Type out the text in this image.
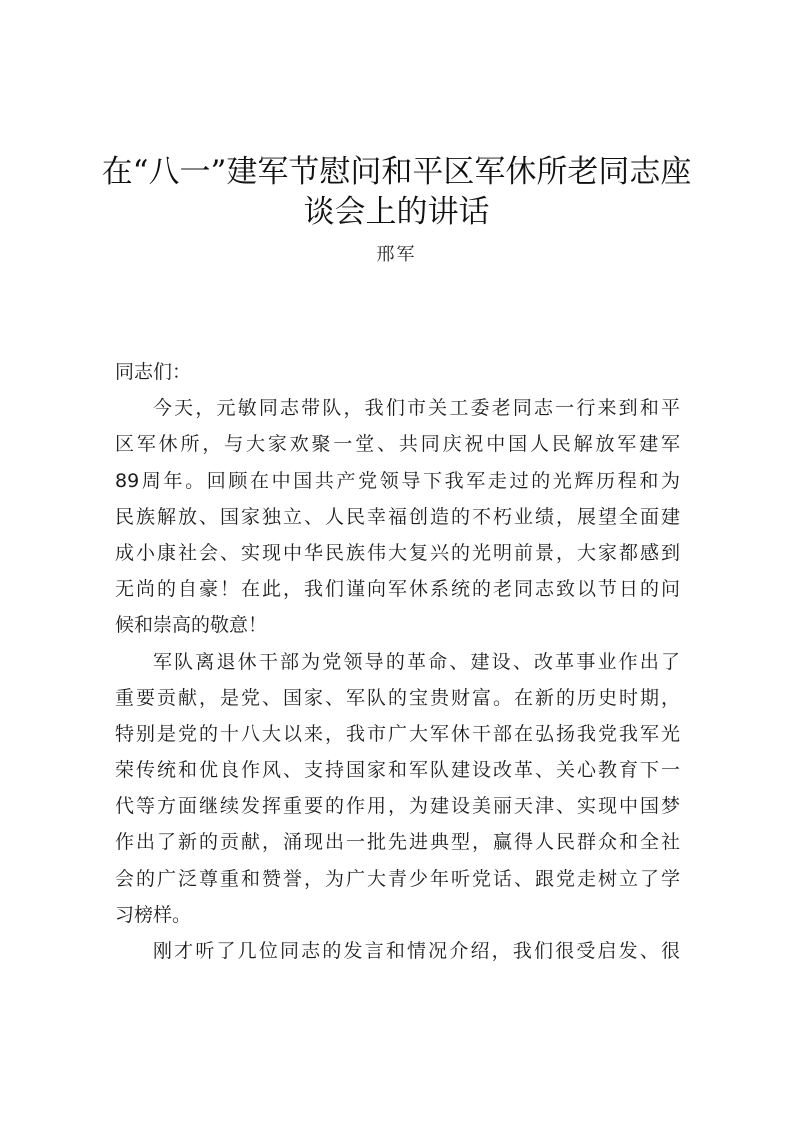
在“八一”建军节慰问和平区军休所老同志座
谈会上的讲话
邢军
同志们：
今天，元敏同志带队，我们市关工委老同志一行来到和平
区军休所，与大家欢聚一堂、共同庆祝中国人民解放军建军
89周年。回顾在中国共产党领导下我军走过的光辉历程和为
民族解放、国家独立、人民幸福创造的不朽业绩，展望全面建
成小康社会、实现中华民族伟大复兴的光明前景，大家都感到
无尚的自豪！在此，我们谨向军休系统的老同志致以节日的问
候和崇高的敬意！
军队离退休干部为党领导的革命、建设、改革事业作出了
重要贡献，是党、国家、军队的宝贵财富。在新的历史时期，
特别是党的十八大以来，我市广大军休干部在弘扬我党我军光
荣传统和优良作风、支持国家和军队建设改革、关心教育下一
代等方面继续发挥重要的作用，为建设美丽天津、实现中国梦
作出了新的贡献，涌现出一批先进典型，赢得人民群众和全社
会的广泛尊重和赞誉，为广大青少年听党话、跟党走树立了学
习榜样。
刚才听了几位同志的发言和情况介绍，我们很受启发、很
